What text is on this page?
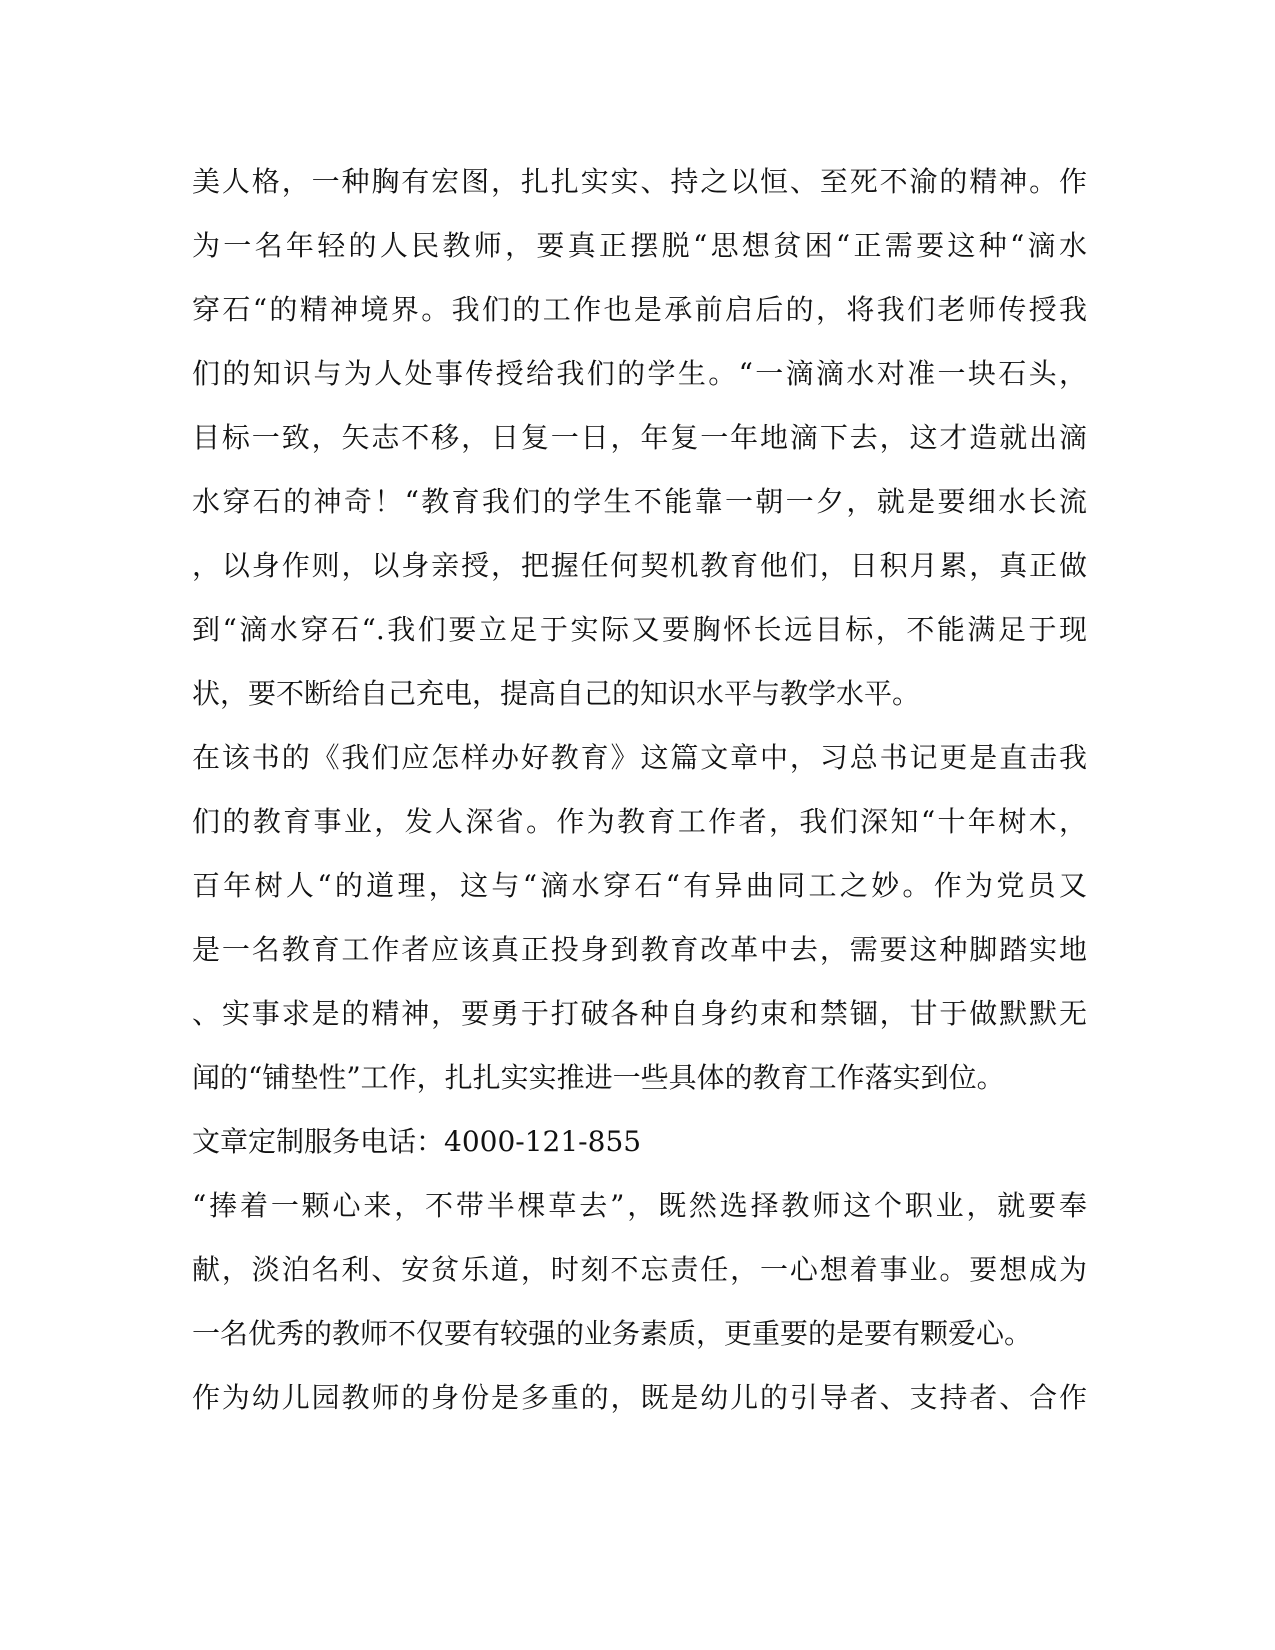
美人格，一种胸有宏图，扎扎实实、持之以恒、至死不渝的精神。作
为一名年轻的人民教师，要真正摆脱“思想贫困“正需要这种“滴水
穿石“的精神境界。我们的工作也是承前启后的，将我们老师传授我
们的知识与为人处事传授给我们的学生。“一滴滴水对准一块石头，
目标一致，矢志不移，日复一日，年复一年地滴下去，这才造就出滴
水穿石的神奇！“教育我们的学生不能靠一朝一夕，就是要细水长流
，以身作则，以身亲授，把握任何契机教育他们，日积月累，真正做
到“滴水穿石“.我们要立足于实际又要胸怀长远目标，不能满足于现
状，要不断给自己充电，提高自己的知识水平与教学水平。
在该书的《我们应怎样办好教育》这篇文章中，习总书记更是直击我
们的教育事业，发人深省。作为教育工作者，我们深知“十年树木，
百年树人“的道理，这与“滴水穿石“有异曲同工之妙。作为党员又
是一名教育工作者应该真正投身到教育改革中去，需要这种脚踏实地
、实事求是的精神，要勇于打破各种自身约束和禁锢，甘于做默默无
闻的“铺垫性”工作，扎扎实实推进一些具体的教育工作落实到位。
文章定制服务电话：4000-121-855
“捧着一颗心来，不带半棵草去”，既然选择教师这个职业，就要奉
献，淡泊名利、安贫乐道，时刻不忘责任，一心想着事业。要想成为
一名优秀的教师不仅要有较强的业务素质，更重要的是要有颗爱心。
作为幼儿园教师的身份是多重的，既是幼儿的引导者、支持者、合作
